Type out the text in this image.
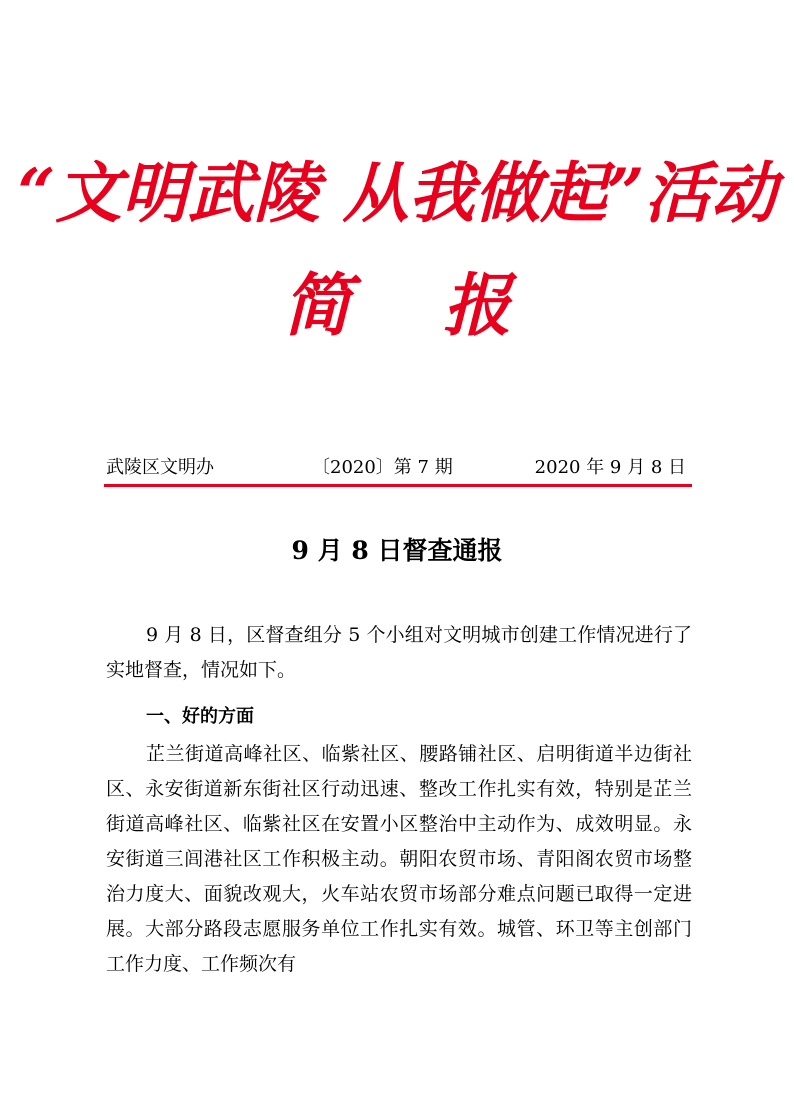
“文明武陵 从我做起”活动
简 报
武陵区文明办	〔2020〕第 7 期	2020 年 9 月 8 日
9 月 8 日督查通报

9 月 8 日，区督查组分 5 个小组对文明城市创建工作情况进行了实地督查，情况如下。

一、好的方面

芷兰街道高峰社区、临紫社区、腰路铺社区、启明街道半边街社区、永安街道新东街社区行动迅速、整改工作扎实有效，特别是芷兰街道高峰社区、临紫社区在安置小区整治中主动作为、成效明显。永安街道三闾港社区工作积极主动。朝阳农贸市场、青阳阁农贸市场整治力度大、面貌改观大，火车站农贸市场部分难点问题已取得一定进展。大部分路段志愿服务单位工作扎实有效。城管、环卫等主创部门工作力度、工作频次有
